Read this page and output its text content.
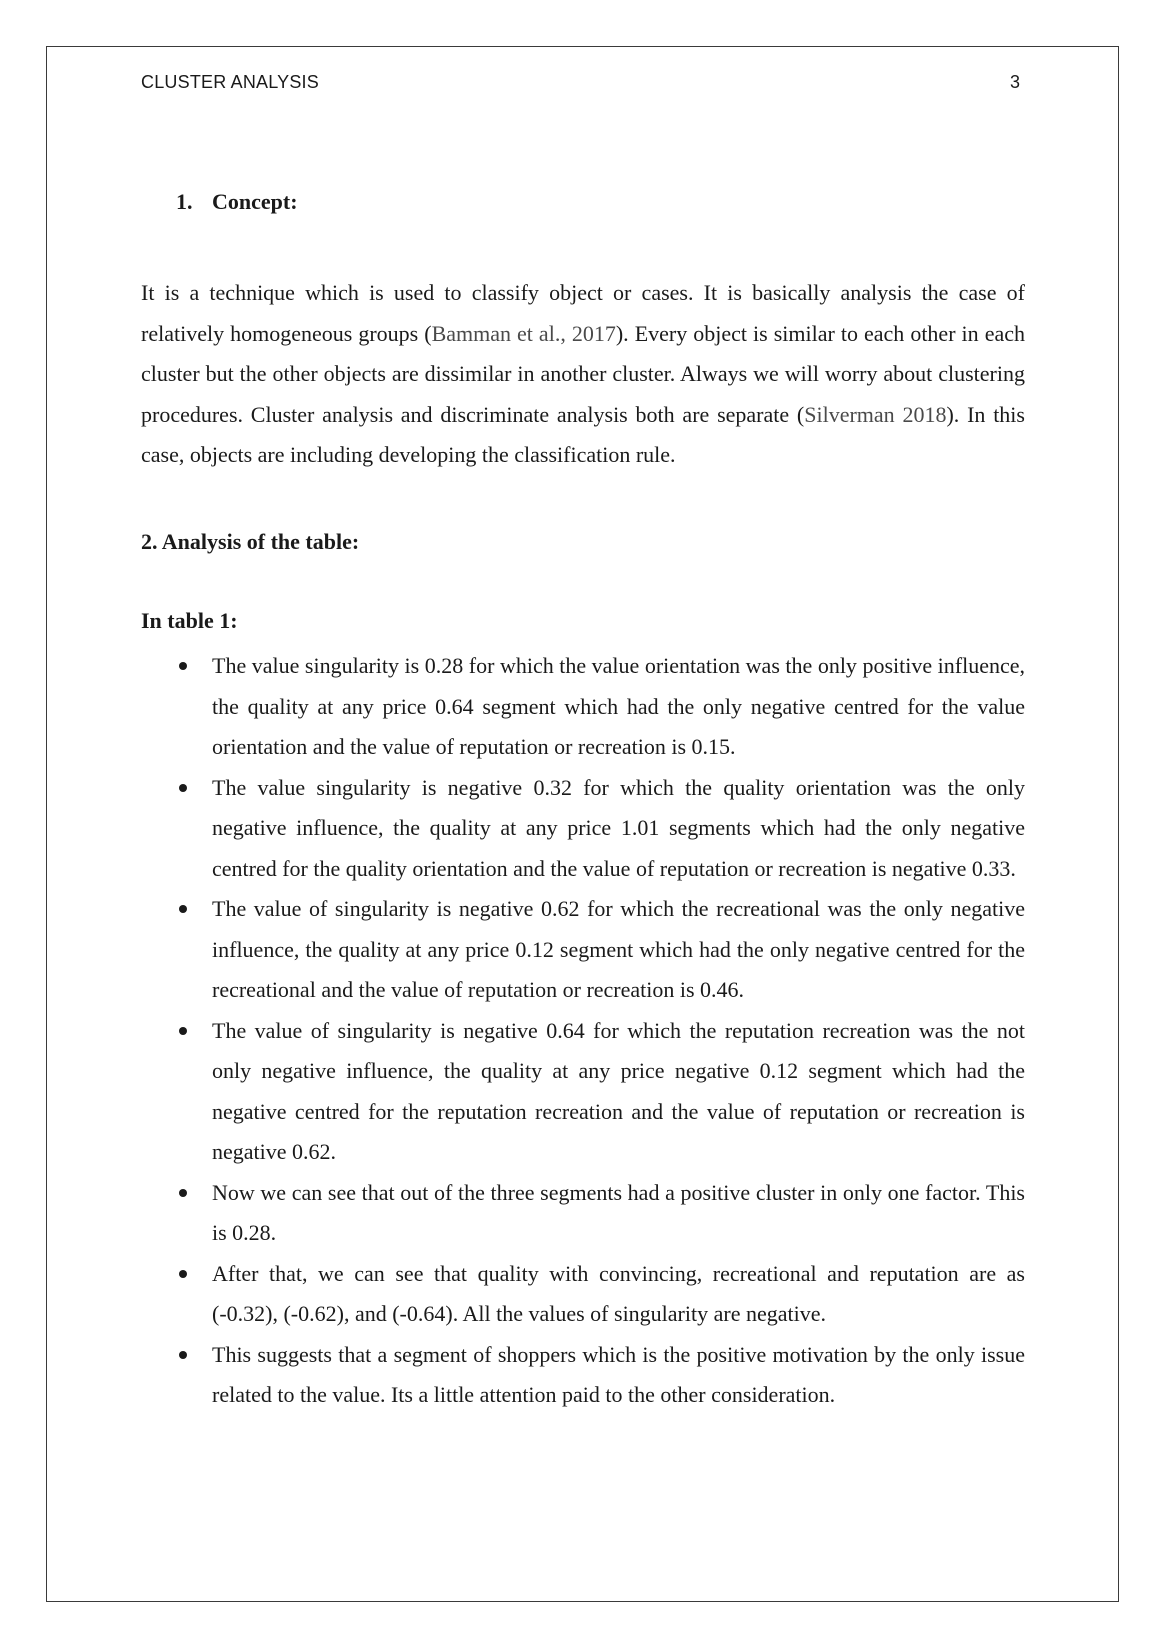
CLUSTER ANALYSIS	3
1. Concept:

It is a technique which is used to classify object or cases. It is basically analysis the case of relatively homogeneous groups (Bamman et al., 2017). Every object is similar to each other in each cluster but the other objects are dissimilar in another cluster. Always we will worry about clustering procedures. Cluster analysis and discriminate analysis both are separate (Silverman 2018). In this case, objects are including developing the classification rule.

2. Analysis of the table:
In table 1:
The value singularity is 0.28 for which the value orientation was the only positive influence, the quality at any price 0.64 segment which had the only negative centred for the value orientation and the value of reputation or recreation is 0.15.
The value singularity is negative 0.32 for which the quality orientation was the only negative influence, the quality at any price 1.01 segments which had the only negative centred for the quality orientation and the value of reputation or recreation is negative 0.33.
The value of singularity is negative 0.62 for which the recreational was the only negative influence, the quality at any price 0.12 segment which had the only negative centred for the recreational and the value of reputation or recreation is 0.46.
The value of singularity is negative 0.64 for which the reputation recreation was the not only negative influence, the quality at any price negative 0.12 segment which had the negative centred for the reputation recreation and the value of reputation or recreation is negative 0.62.
Now we can see that out of the three segments had a positive cluster in only one factor. This is 0.28.
After that, we can see that quality with convincing, recreational and reputation are as (-0.32), (-0.62), and (-0.64). All the values of singularity are negative.
This suggests that a segment of shoppers which is the positive motivation by the only issue related to the value. Its a little attention paid to the other consideration.
